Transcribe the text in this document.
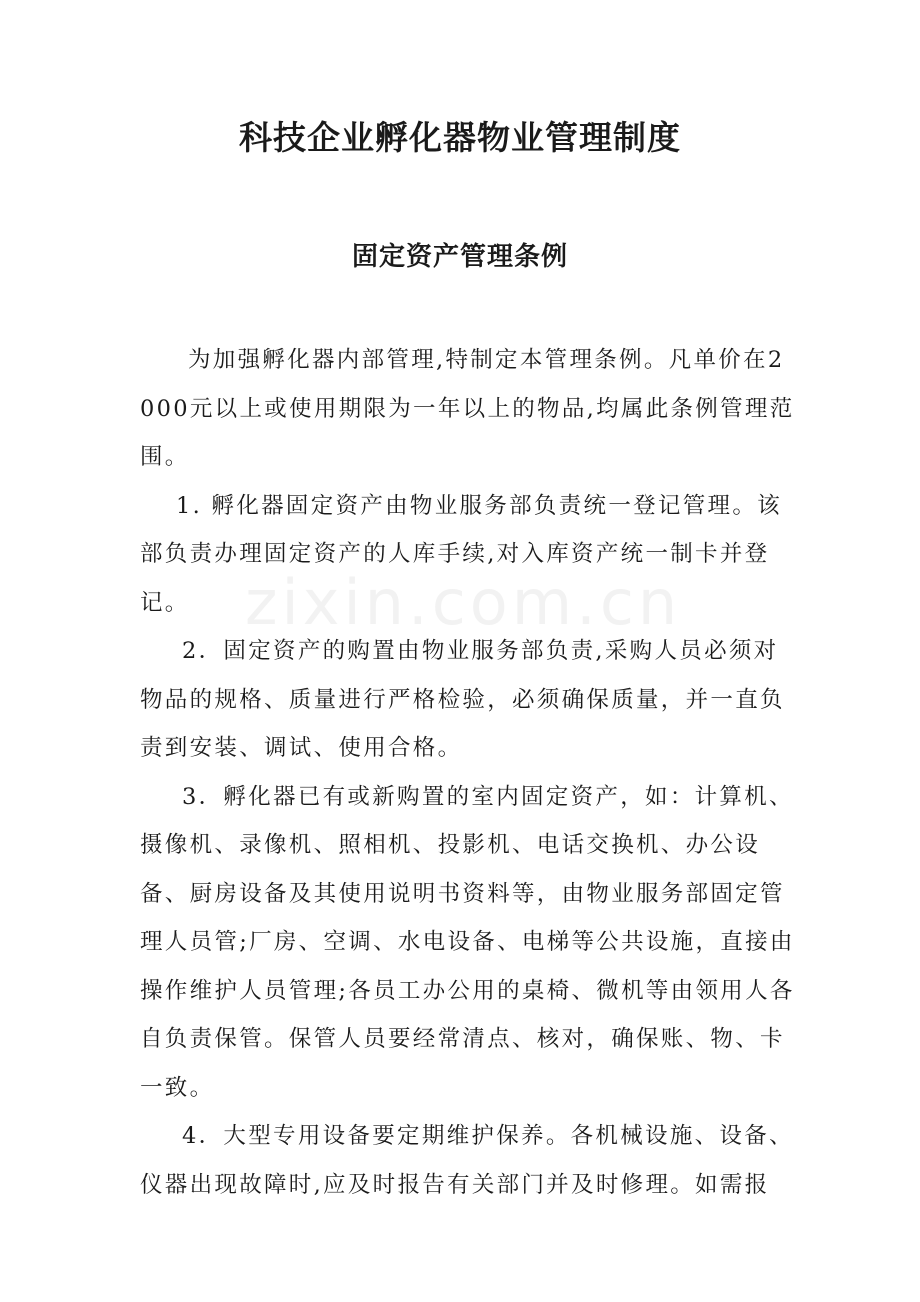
科技企业孵化器物业管理制度
固定资产管理条例

为加强孵化器内部管理,特制定本管理条例。凡单价在2000元以上或使用期限为一年以上的物品,均属此条例管理范围。

1. 孵化器固定资产由物业服务部负责统一登记管理。该部负责办理固定资产的人库手续,对入库资产统一制卡并登记。

2．固定资产的购置由物业服务部负责,采购人员必须对物品的规格、质量进行严格检验，必须确保质量，并一直负责到安装、调试、使用合格。

3．孵化器已有或新购置的室内固定资产，如：计算机、摄像机、录像机、照相机、投影机、电话交换机、办公设备、厨房设备及其使用说明书资料等，由物业服务部固定管理人员管;厂房、空调、水电设备、电梯等公共设施，直接由操作维护人员管理;各员工办公用的桌椅、微机等由领用人各自负责保管。保管人员要经常清点、核对，确保账、物、卡一致。

4．大型专用设备要定期维护保养。各机械设施、设备、仪器出现故障时,应及时报告有关部门并及时修理。如需报

zixin.com.cn
